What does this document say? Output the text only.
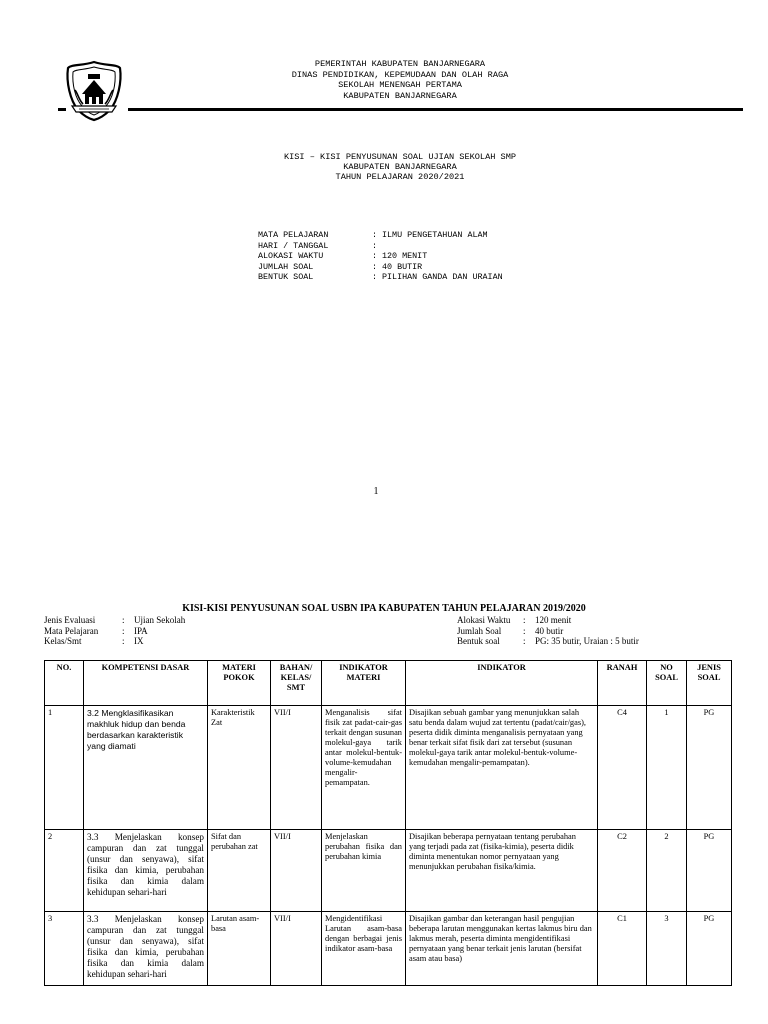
PEMERINTAH KABUPATEN BANJARNEGARA
DINAS PENDIDIKAN, KEPEMUDAAN DAN OLAH RAGA
SEKOLAH MENENGAH PERTAMA
KABUPATEN BANJARNEGARA
KISI – KISI PENYUSUNAN SOAL UJIAN SEKOLAH SMP
KABUPATEN BANJARNEGARA
TAHUN PELAJARAN 2020/2021
MATA PELAJARAN	: ILMU PENGETAHUAN ALAM
HARI / TANGGAL	:
ALOKASI WAKTU	: 120 MENIT
JUMLAH SOAL	: 40 BUTIR
BENTUK SOAL	: PILIHAN GANDA DAN URAIAN
1
KISI-KISI PENYUSUNAN SOAL USBN IPA KABUPATEN TAHUN PELAJARAN 2019/2020
Jenis Evaluasi	:	Ujian Sekolah
Mata Pelajaran	:	IPA
Kelas/Smt	:	IX
Alokasi Waktu	:	120 menit
Jumlah Soal	:	40 butir
Bentuk soal	:	PG: 35 butir, Uraian : 5 butir
NO.	KOMPETENSI DASAR	MATERI POKOK	BAHAN/ KELAS/ SMT	INDIKATOR MATERI	INDIKATOR	RANAH	NO SOAL	JENIS SOAL
1	3.2 Mengklasifikasikan makhluk hidup dan benda berdasarkan karakteristik yang diamati	Karakteristik Zat	VII/I	Menganalisis sifat fisik zat padat-cair-gas terkait dengan susunan molekul-gaya tarik antar molekul-bentuk-volume-kemudahan mengalir-pemampatan.	Disajikan sebuah gambar yang menunjukkan salah satu benda dalam wujud zat tertentu (padat/cair/gas), peserta didik diminta menganalisis pernyataan yang benar terkait sifat fisik dari zat tersebut (susunan molekul-gaya tarik antar molekul-bentuk-volume-kemudahan mengalir-pemampatan).	C4	1	PG
2	3.3 Menjelaskan konsep campuran dan zat tunggal (unsur dan senyawa), sifat fisika dan kimia, perubahan fisika dan kimia dalam kehidupan sehari-hari	Sifat dan perubahan zat	VII/I	Menjelaskan perubahan fisika dan perubahan kimia	Disajikan beberapa pernyataan tentang perubahan yang terjadi pada zat (fisika-kimia), peserta didik diminta menentukan nomor pernyataan yang menunjukkan perubahan fisika/kimia.	C2	2	PG
3	3.3 Menjelaskan konsep campuran dan zat tunggal (unsur dan senyawa), sifat fisika dan kimia, perubahan fisika dan kimia dalam kehidupan sehari-hari	Larutan asam-basa	VII/I	Mengidentifikasi Larutan asam-basa dengan berbagai jenis indikator asam-basa	Disajikan gambar dan keterangan hasil pengujian beberapa larutan menggunakan kertas lakmus biru dan lakmus merah, peserta diminta mengidentifikasi pernyataan yang benar terkait jenis larutan (bersifat asam atau basa)	C1	3	PG
